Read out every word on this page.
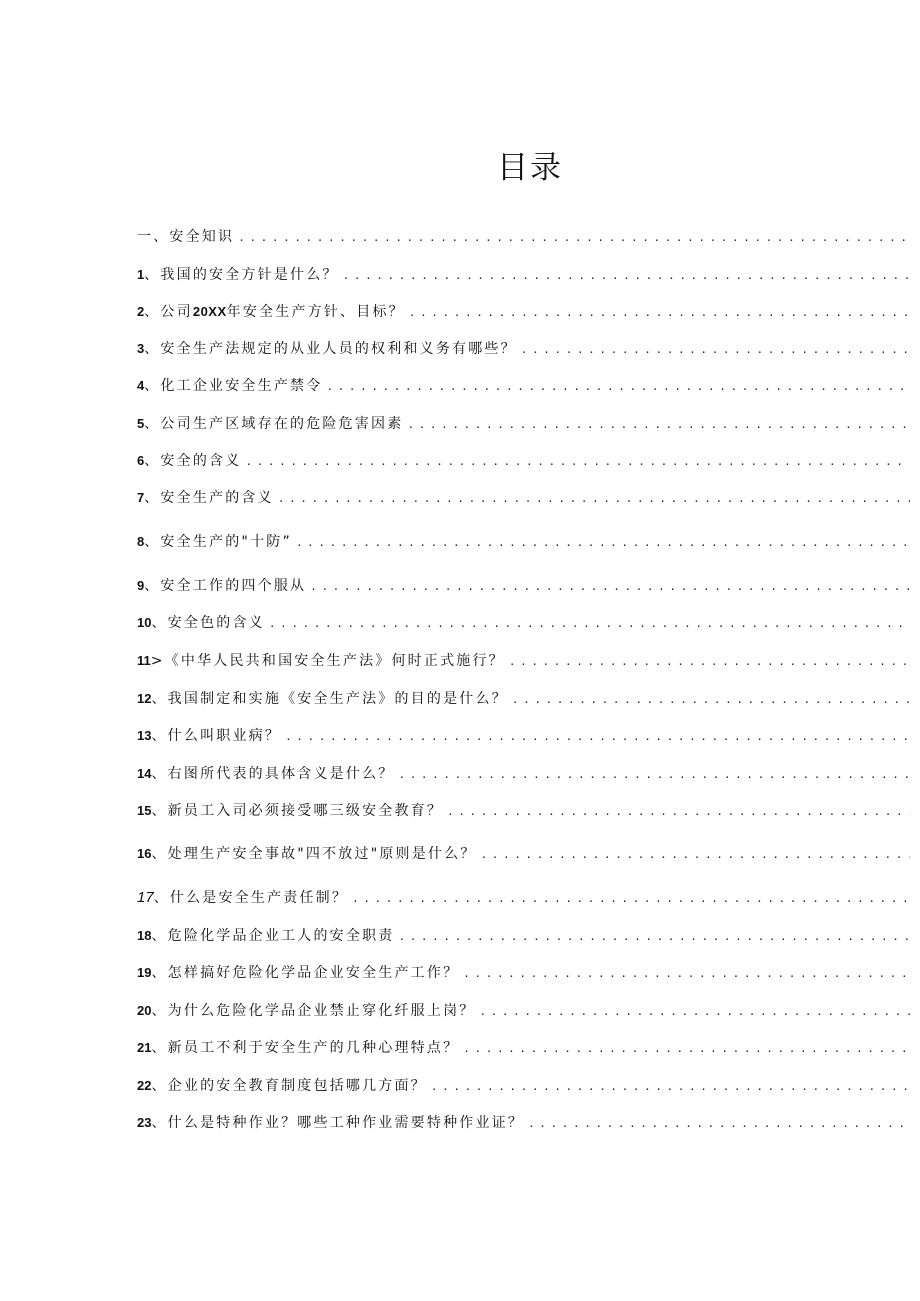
目录
一、 安全知识
.....
1 、我国的安全方针是什么？
.....
2 、公司 20XX 年安全生产方针、目标？
.....
3 、安全生产法规定的从业人员的权利和义务有哪些？
.....
4 、化工企业安全生产禁令
.....
5 、公司生产区域存在的危险危害因素
.....
6 、安全的含义
.....
7 、安全生产的含义
.....
8 、安全生产的"十防”
.....
9 、安全工作的四个服从
.....
10 、安全色的含义
.....
11 >《中华人民共和国安全生产法》何时正式施行？
.....
12 、我国制定和实施《安全生产法》的目的是什么？
.....
13 、什么叫职业病？
.....
14 、右图所代表的具体含义是什么？
.....
15 、新员工入司必须接受哪三级安全教育？
.....
16 、处理生产安全事故"四不放过"原则是什么？
.....
17 、什么是安全生产责任制？
.....
18 、危险化学品企业工人的安全职责
.....
19 、怎样搞好危险化学品企业安全生产工作？
.....
20 、为什么危险化学品企业禁止穿化纤服上岗？
.....
21 、新员工不利于安全生产的几种心理特点？
.....
22 、企业的安全教育制度包括哪几方面？
.....
23 、什么是特种作业？哪些工种作业需要特种作业证？
.....
